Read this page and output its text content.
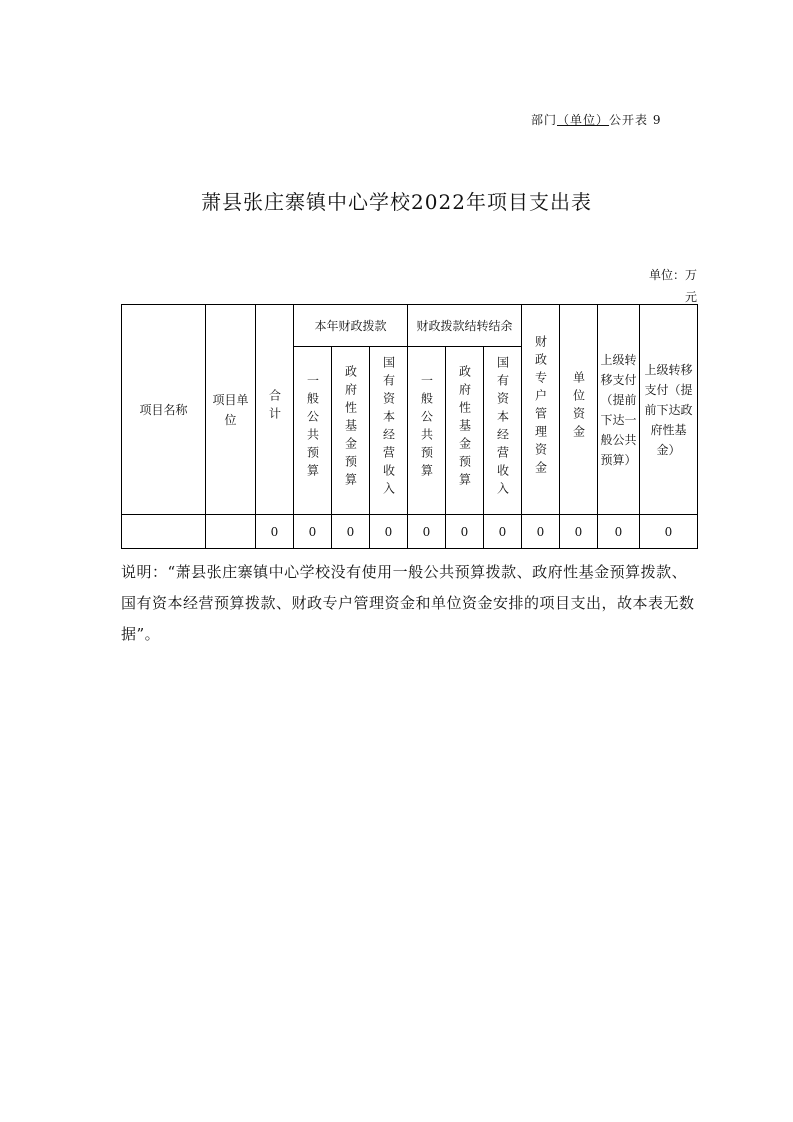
部门（单位）公开表 9
萧县张庄寨镇中心学校2022年项目支出表
单位：万元
项目名称	项目单位	合计	本年财政拨款			财政拨款结转结余			财政专户管理资金	单位资金	上级转移支付（提前下达一般公共预算）	上级转移支付（提前下达政府性基金）
			一般公共预算	政府性基金预算	国有资本经营收入	一般公共预算	政府性基金预算	国有资本经营收入				
		0	0	0	0	0	0	0	0	0	0	0
说明：“萧县张庄寨镇中心学校没有使用一般公共预算拨款、政府性基金预算拨款、国有资本经营预算拨款、财政专户管理资金和单位资金安排的项目支出，故本表无数据”。
